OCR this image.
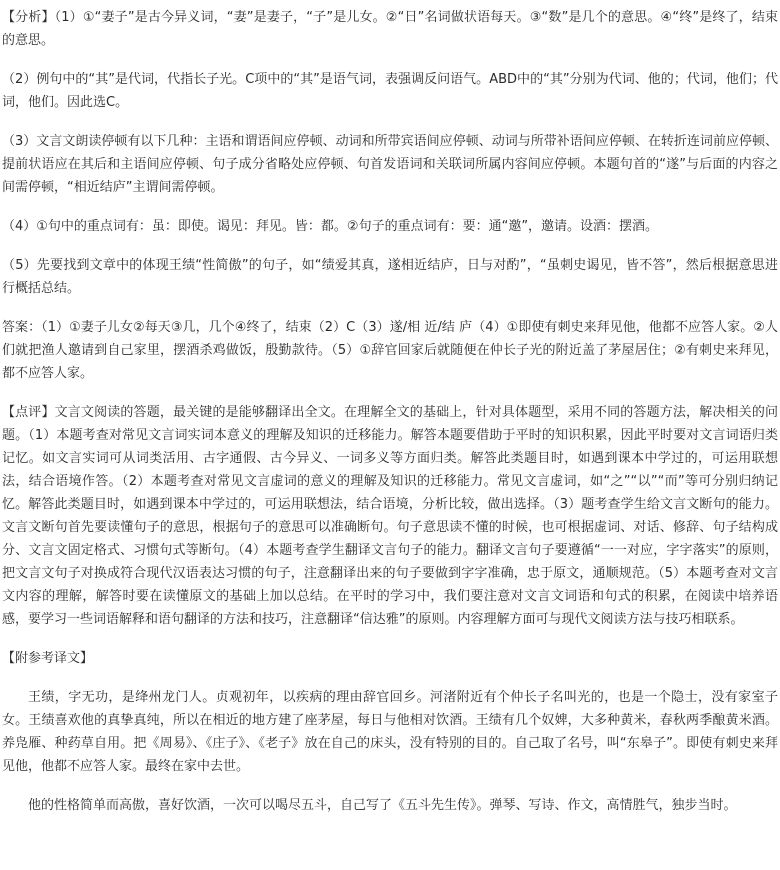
【分析】（1）①“妻子”是古今异义词，“妻”是妻子，“子”是儿女。②“日”名词做状语每天。③“数”是几个的意思。④“终”是终了，结束的意思。

（2）例句中的“其”是代词，代指长子光。C项中的“其”是语气词，表强调反问语气。ABD中的“其”分别为代词、他的；代词，他们；代词，他们。因此选C。

（3）文言文朗读停顿有以下几种：主语和谓语间应停顿、动词和所带宾语间应停顿、动词与所带补语间应停顿、在转折连词前应停顿、提前状语应在其后和主语间应停顿、句子成分省略处应停顿、句首发语词和关联词所属内容间应停顿。本题句首的“遂”与后面的内容之间需停顿，“相近结庐”主谓间需停顿。

（4）①句中的重点词有：虽：即使。谒见：拜见。皆：都。②句子的重点词有：要：通“邀”，邀请。设酒：摆酒。

（5）先要找到文章中的体现王绩“性简傲”的句子，如“绩爱其真，遂相近结庐，日与对酌”，“虽刺史谒见，皆不答”，然后根据意思进行概括总结。

答案：（1）①妻子儿女②每天③几，几个④终了，结束（2）C（3）遂/相 近/结 庐（4）①即使有刺史来拜见他，他都不应答人家。②人们就把渔人邀请到自己家里，摆酒杀鸡做饭，殷勤款待。（5）①辞官回家后就随便在仲长子光的附近盖了茅屋居住；②有刺史来拜见，都不应答人家。

【点评】文言文阅读的答题，最关键的是能够翻译出全文。在理解全文的基础上，针对具体题型，采用不同的答题方法，解决相关的问题。（1）本题考查对常见文言词实词本意义的理解及知识的迁移能力。解答本题要借助于平时的知识积累，因此平时要对文言词语归类记忆。如文言实词可从词类活用、古字通假、古今异义、一词多义等方面归类。解答此类题目时，如遇到课本中学过的，可运用联想法，结合语境作答。（2）本题考查对常见文言虚词的意义的理解及知识的迁移能力。常见文言虚词，如“之”“以”“而”等可分别归纳记忆。解答此类题目时，如遇到课本中学过的，可运用联想法，结合语境，分析比较，做出选择。（3）题考查学生给文言文断句的能力。文言文断句首先要读懂句子的意思，根据句子的意思可以准确断句。句子意思读不懂的时候，也可根据虚词、对话、修辞、句子结构成分、文言文固定格式、习惯句式等断句。（4）本题考查学生翻译文言句子的能力。翻译文言句子要遵循“一一对应，字字落实”的原则，把文言文句子对换成符合现代汉语表达习惯的句子，注意翻译出来的句子要做到字字准确，忠于原文，通顺规范。（5）本题考查对文言文内容的理解，解答时要在读懂原文的基础上加以总结。在平时的学习中，我们要注意对文言文词语和句式的积累，在阅读中培养语感，要学习一些词语解释和语句翻译的方法和技巧，注意翻译“信达雅”的原则。内容理解方面可与现代文阅读方法与技巧相联系。

【附参考译文】

王绩，字无功，是绛州龙门人。贞观初年，以疾病的理由辞官回乡。河渚附近有个仲长子名叫光的，也是一个隐士，没有家室子女。王绩喜欢他的真挚真纯，所以在相近的地方建了座茅屋，每日与他相对饮酒。王绩有几个奴婢，大多种黄米，春秋两季酿黄米酒。养凫雁、种药草自用。把《周易》、《庄子》、《老子》放在自己的床头，没有特别的目的。自己取了名号，叫“东皋子”。即使有刺史来拜见他，他都不应答人家。最终在家中去世。

他的性格简单而高傲，喜好饮酒，一次可以喝尽五斗，自己写了《五斗先生传》。弹琴、写诗、作文，高情胜气，独步当时。
